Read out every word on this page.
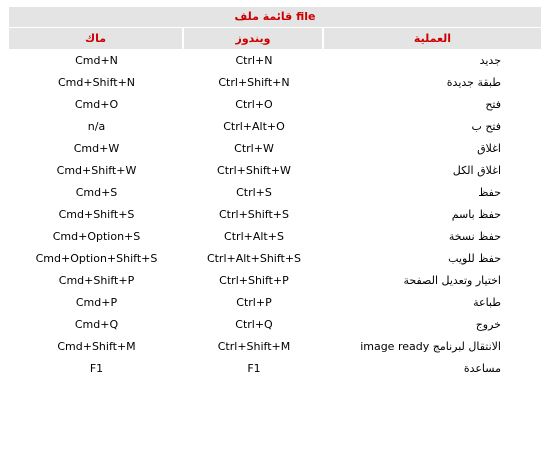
قائمة ملف file
ماك	ويندوز	العملية
Cmd+N	Ctrl+N	جديد
Cmd+Shift+N	Ctrl+Shift+N	طبقة جديدة
Cmd+O	Ctrl+O	فتح
n/a	Ctrl+Alt+O	فتح ب
Cmd+W	Ctrl+W	اغلاق
Cmd+Shift+W	Ctrl+Shift+W	اغلاق الكل
Cmd+S	Ctrl+S	حفظ
Cmd+Shift+S	Ctrl+Shift+S	حفظ باسم
Cmd+Option+S	Ctrl+Alt+S	حفظ نسخة
Cmd+Option+Shift+S	Ctrl+Alt+Shift+S	حفظ للويب
Cmd+Shift+P	Ctrl+Shift+P	اختيار وتعديل الصفحة
Cmd+P	Ctrl+P	طباعة
Cmd+Q	Ctrl+Q	خروج
Cmd+Shift+M	Ctrl+Shift+M	الانتقال لبرنامج image ready
F1	F1	مساعدة
